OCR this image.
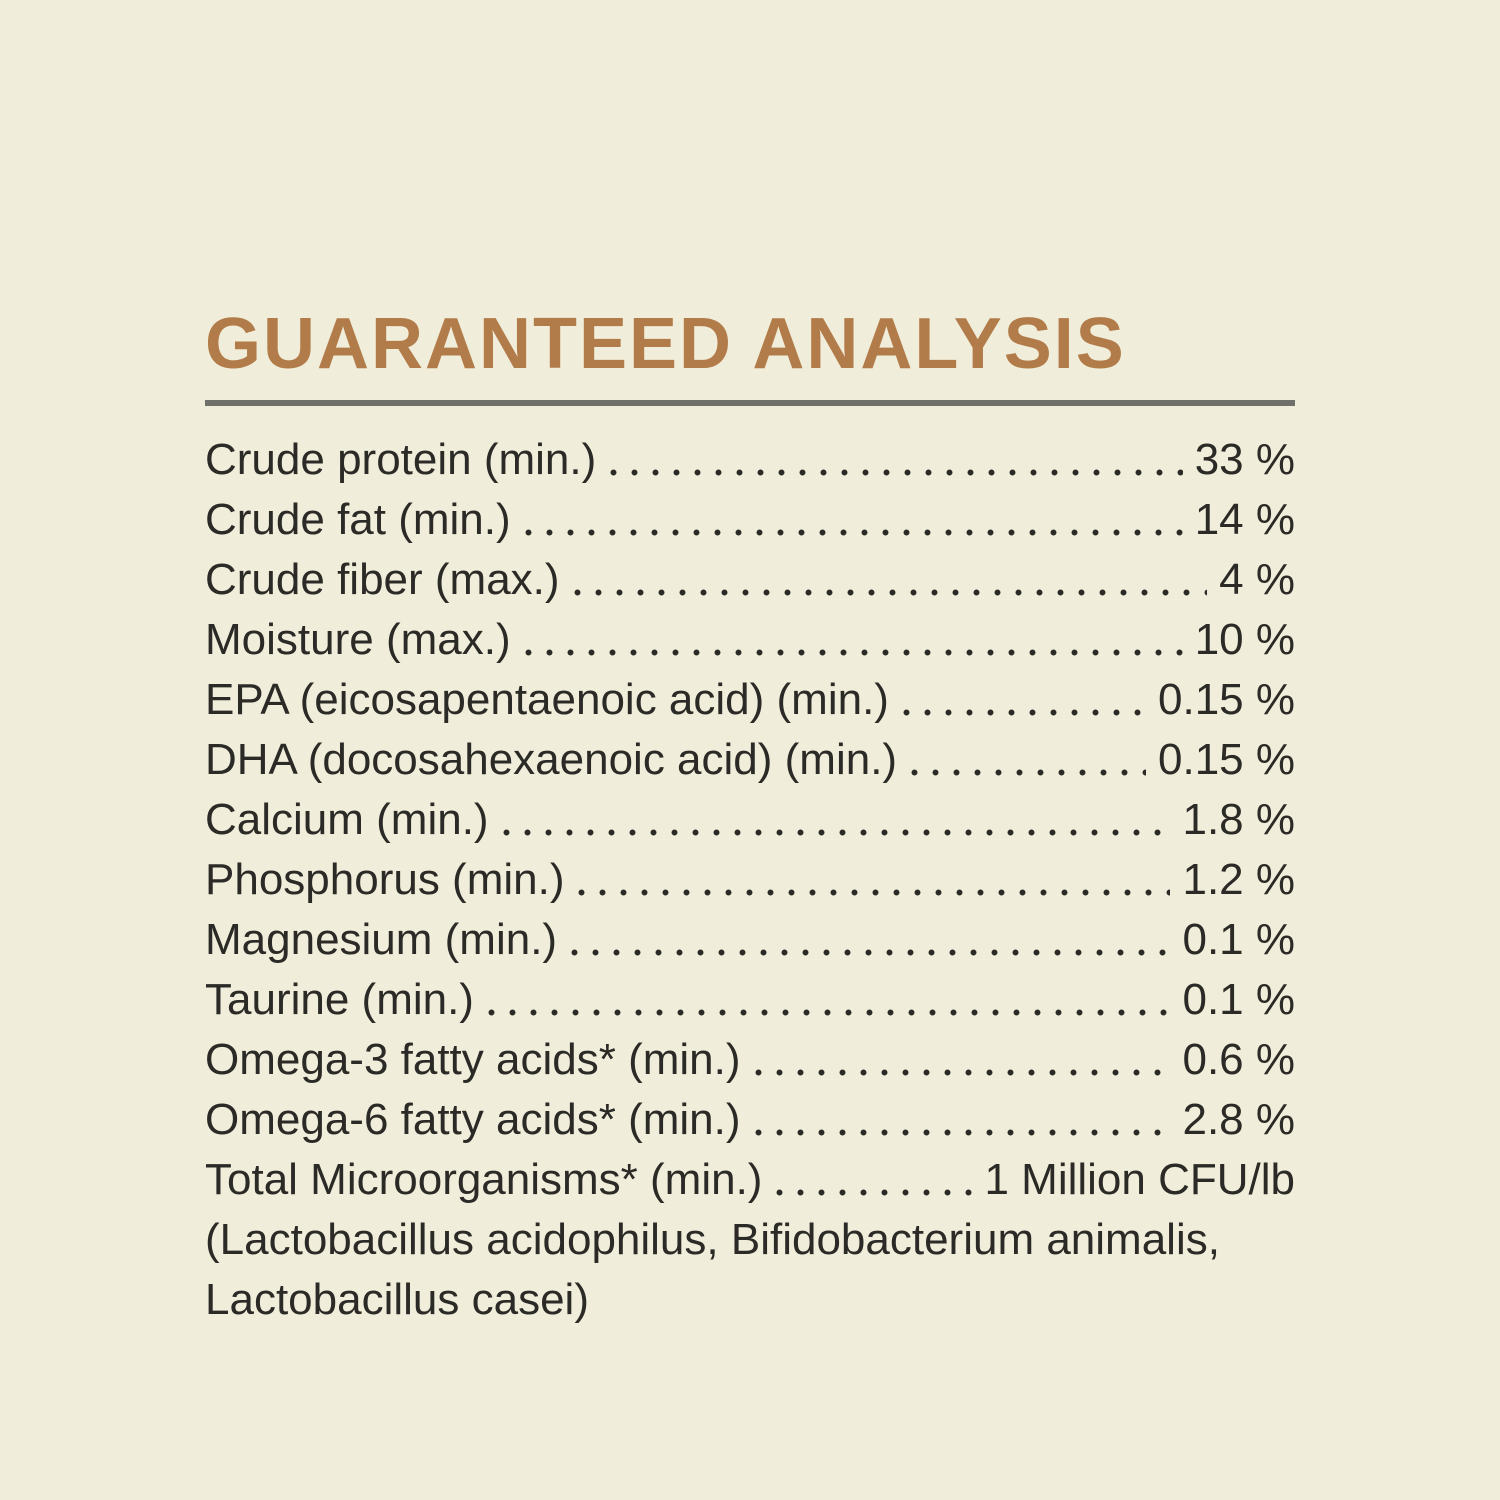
GUARANTEED ANALYSIS
Crude protein (min.)	33 %
Crude fat (min.)	14 %
Crude fiber (max.)	4 %
Moisture (max.)	10 %
EPA (eicosapentaenoic acid) (min.)	0.15 %
DHA (docosahexaenoic acid) (min.)	0.15 %
Calcium (min.)	1.8 %
Phosphorus (min.)	1.2 %
Magnesium (min.)	0.1 %
Taurine (min.)	0.1 %
Omega-3 fatty acids* (min.)	0.6 %
Omega-6 fatty acids* (min.)	2.8 %
Total Microorganisms* (min.)	1 Million CFU/lb
(Lactobacillus acidophilus, Bifidobacterium animalis,
Lactobacillus casei)
